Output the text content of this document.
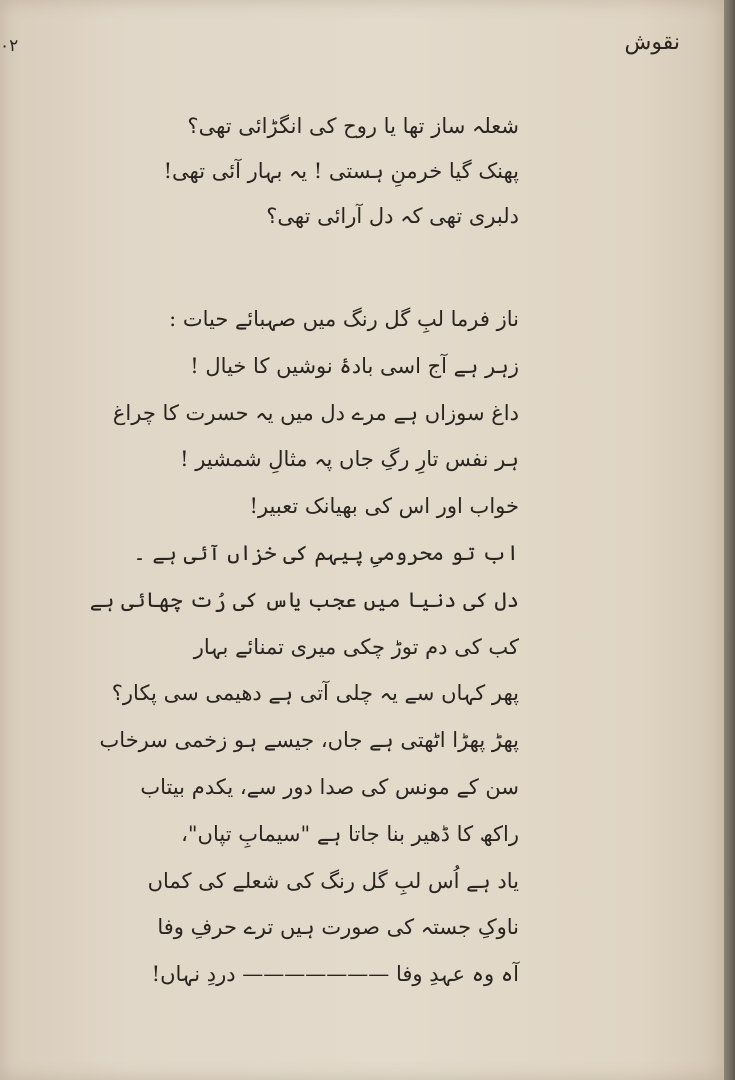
۰۲	نقوش
شعلہ ساز تھا یا روح کی انگڑائی تھی؟
پھنک گیا خرمنِ ہستی ! یہ بہار آئی تھی!
دلبری تھی کہ دل آرائی تھی؟
ناز فرما لبِ گل رنگ میں صہبائے حیات :
زہر ہے آج اسی بادۂ نوشیں کا خیال !
داغ سوزاں ہے مرے دل میں یہ حسرت کا چراغ
ہر نفس تارِ رگِ جاں پہ مثالِ شمشیر !
خواب اور اس کی بھیانک تعبیر!
اب تو محرومیِ پیہم کی خزاں آئی ہے ۔
دل کی دنیا میں عجب یاس کی رُت چھائی ہے
کب کی دم توڑ چکی میری تمنائے بہار
پھر کہاں سے یہ چلی آتی ہے دھیمی سی پکار؟
پھڑ پھڑا اٹھتی ہے جاں، جیسے ہو زخمی سرخاب
سن کے مونس کی صدا دور سے، یکدم بیتاب
راکھ کا ڈھیر بنا جاتا ہے "سیمابِ تپاں"،
یاد ہے اُس لبِ گل رنگ کی شعلے کی کماں
ناوکِ جستہ کی صورت ہیں ترے حرفِ وفا
آہ وہ عہدِ وفا ——————— دردِ نہاں!
